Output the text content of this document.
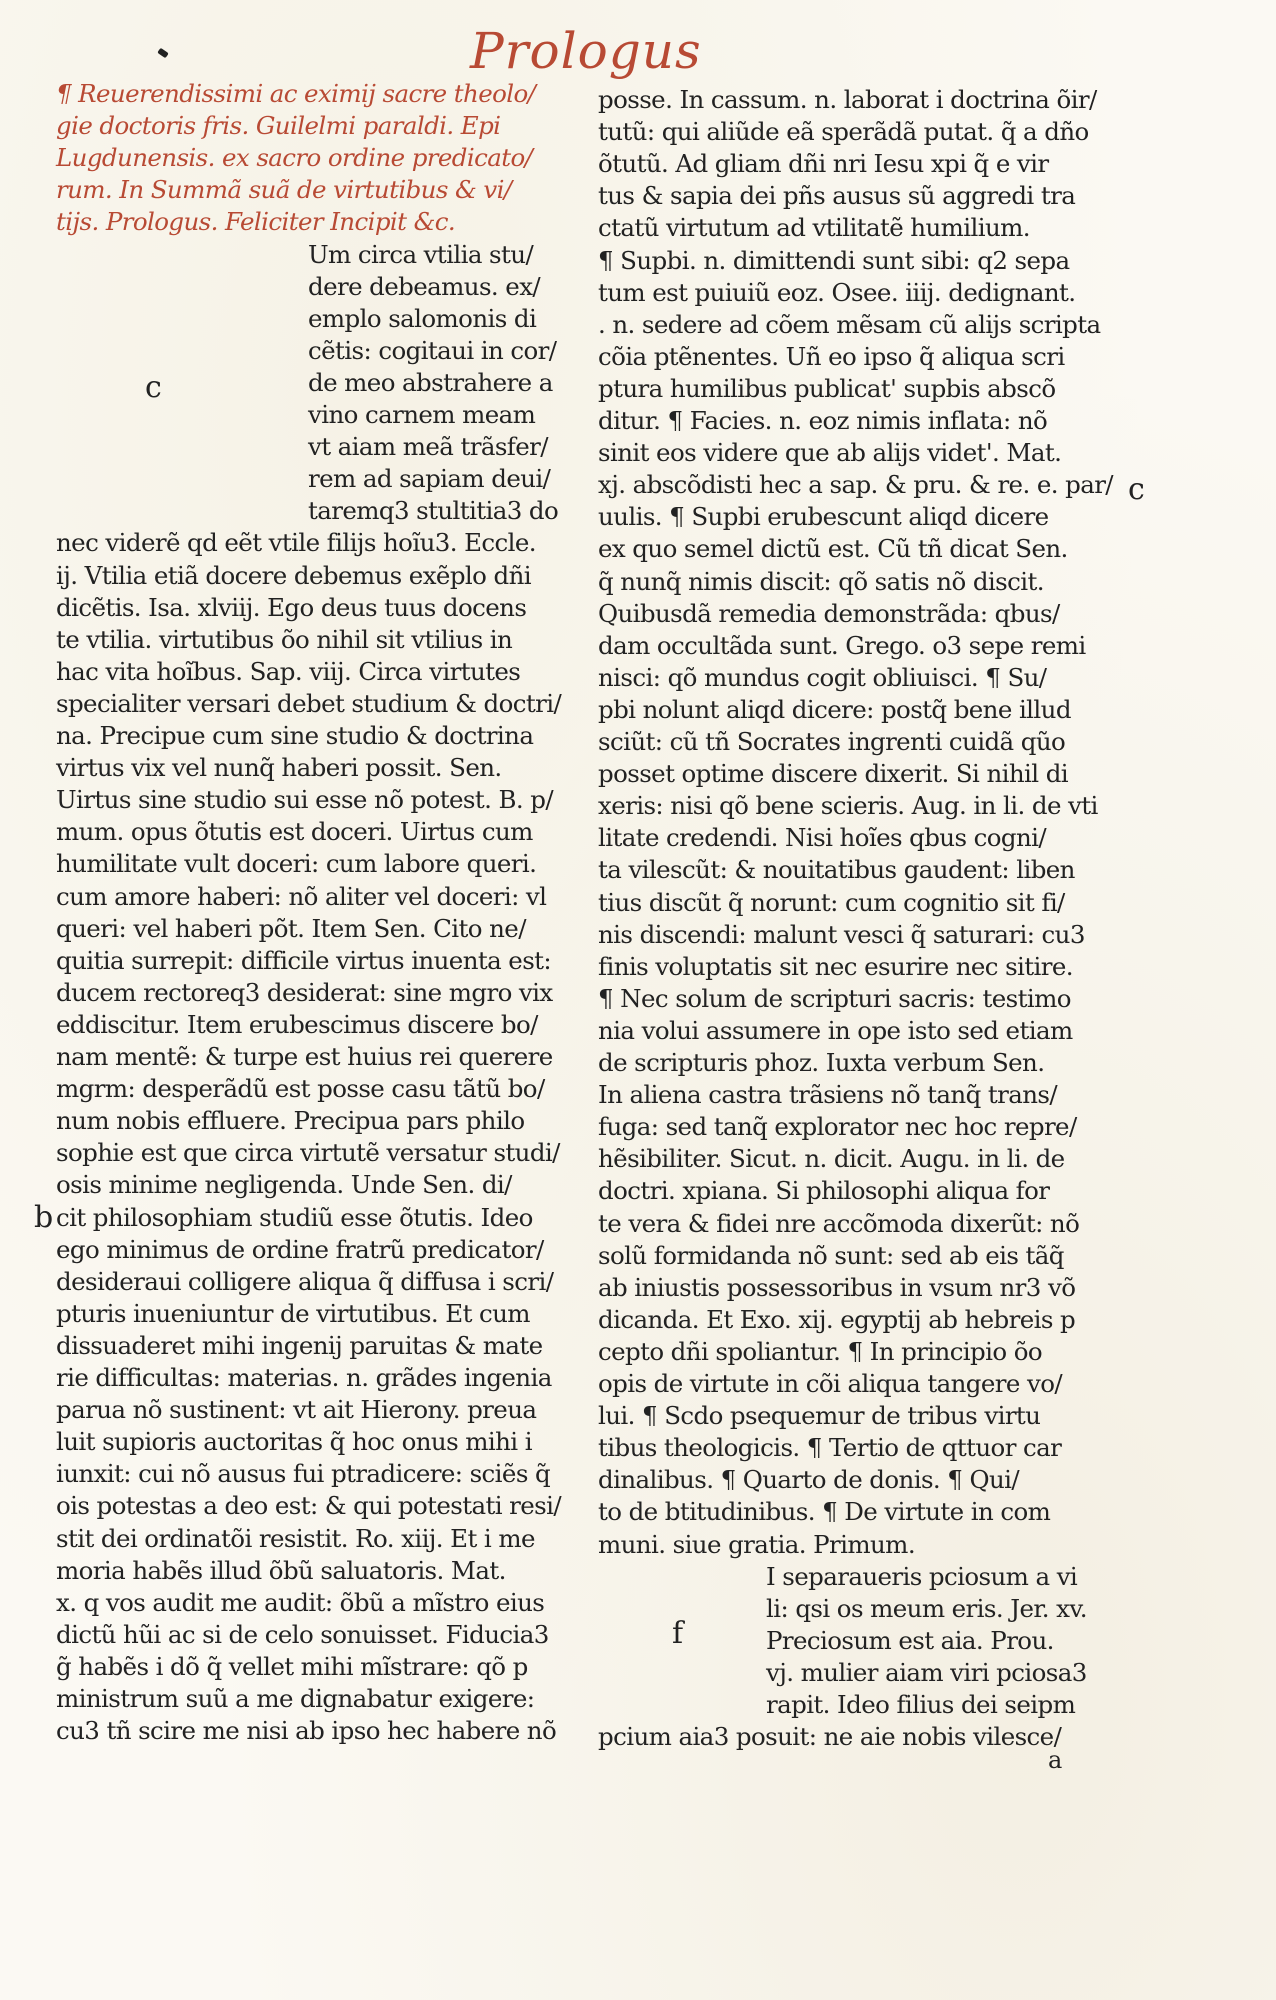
Prologus
¶ Reuerendissimi ac eximij sacre theolo/
gie doctoris fris. Guilelmi paraldi. Epi
Lugdunensis. ex sacro ordine predicato/
rum. In Summã suã de virtutibus & vi/
tijs. Prologus. Feliciter Incipit &c.
Um circa vtilia stu/
dere debeamus. ex/
emplo salomonis di
cẽtis: cogitaui in cor/
de meo abstrahere a
vino carnem meam
vt aiam meã trãsfer/
rem ad sapiam deui/
taremq3 stultitia3 do
nec viderẽ qd eẽt vtile filijs hoĩu3. Eccle.
ij. Vtilia etiã docere debemus exẽplo dñi
dicẽtis. Isa. xlviij. Ego deus tuus docens
te vtilia. virtutibus õo nihil sit vtilius in
hac vita hoĩbus. Sap. viij. Circa virtutes
specialiter versari debet studium & doctri/
na. Precipue cum sine studio & doctrina
virtus vix vel nunq̃ haberi possit. Sen.
Uirtus sine studio sui esse nõ potest. B. p/
mum. opus õtutis est doceri. Uirtus cum
humilitate vult doceri: cum labore queri.
cum amore haberi: nõ aliter vel doceri: vl
queri: vel haberi põt. Item Sen. Cito ne/
quitia surrepit: difficile virtus inuenta est:
ducem rectoreq3 desiderat: sine mgro vix
eddiscitur. Item erubescimus discere bo/
nam mentẽ: & turpe est huius rei querere
mgrm: desperãdũ est posse casu tãtũ bo/
num nobis effluere. Precipua pars philo
sophie est que circa virtutẽ versatur studi/
osis minime negligenda. Unde Sen. di/
cit philosophiam studiũ esse õtutis. Ideo
ego minimus de ordine fratrũ predicator/
desideraui colligere aliqua q̃ diffusa i scri/
pturis inueniuntur de virtutibus. Et cum
dissuaderet mihi ingenij paruitas & mate
rie difficultas: materias. n. grãdes ingenia
parua nõ sustinent: vt ait Hierony. preua
luit supioris auctoritas q̃ hoc onus mihi i
iunxit: cui nõ ausus fui ptradicere: sciẽs q̃
ois potestas a deo est: & qui potestati resi/
stit dei ordinatõi resistit. Ro. xiij. Et i me
moria habẽs illud õbũ saluatoris. Mat.
x. q vos audit me audit: õbũ a mĩstro eius
dictũ hũi ac si de celo sonuisset. Fiducia3
g̃ habẽs i dõ q̃ vellet mihi mĩstrare: qõ p
ministrum suũ a me dignabatur exigere:
cu3 tñ scire me nisi ab ipso hec habere nõ
posse. In cassum. n. laborat i doctrina õir/
tutũ: qui aliũde eã sperãdã putat. q̃ a dño
õtutũ. Ad gliam dñi nri Iesu xpi q̃ e vir
tus & sapia dei pñs ausus sũ aggredi tra
ctatũ virtutum ad vtilitatẽ humilium.
¶ Supbi. n. dimittendi sunt sibi: q2 sepa
tum est puiuiũ eoz. Osee. iiij. dedignant.
. n. sedere ad cõem mẽsam cũ alijs scripta
cõia ptẽnentes. Uñ eo ipso q̃ aliqua scri
ptura humilibus publicat' supbis abscõ
ditur. ¶ Facies. n. eoz nimis inflata: nõ
sinit eos videre que ab alijs videt'. Mat.
xj. abscõdisti hec a sap. & pru. & re. e. par/
uulis. ¶ Supbi erubescunt aliqd dicere
ex quo semel dictũ est. Cũ tñ dicat Sen.
q̃ nunq̃ nimis discit: qõ satis nõ discit.
Quibusdã remedia demonstrãda: qbus/
dam occultãda sunt. Grego. o3 sepe remi
nisci: qõ mundus cogit obliuisci. ¶ Su/
pbi nolunt aliqd dicere: postq̃ bene illud
sciũt: cũ tñ Socrates ingrenti cuidã qũo
posset optime discere dixerit. Si nihil di
xeris: nisi qõ bene scieris. Aug. in li. de vti
litate credendi. Nisi hoĩes qbus cogni/
ta vilescũt: & nouitatibus gaudent: liben
tius discũt q̃ norunt: cum cognitio sit fi/
nis discendi: malunt vesci q̃ saturari: cu3
finis voluptatis sit nec esurire nec sitire.
¶ Nec solum de scripturi sacris: testimo
nia volui assumere in ope isto sed etiam
de scripturis phoz. Iuxta verbum Sen.
In aliena castra trãsiens nõ tanq̃ trans/
fuga: sed tanq̃ explorator nec hoc repre/
hẽsibiliter. Sicut. n. dicit. Augu. in li. de
doctri. xpiana. Si philosophi aliqua for
te vera & fidei nre accõmoda dixerũt: nõ
solũ formidanda nõ sunt: sed ab eis tãq̃
ab iniustis possessoribus in vsum nr3 võ
dicanda. Et Exo. xij. egyptij ab hebreis p
cepto dñi spoliantur. ¶ In principio õo
opis de virtute in cõi aliqua tangere vo/
lui. ¶ Scdo psequemur de tribus virtu
tibus theologicis. ¶ Tertio de qttuor car
dinalibus. ¶ Quarto de donis. ¶ Qui/
to de btitudinibus. ¶ De virtute in com
muni. siue gratia. Primum.
I separaueris pciosum a vi
li: qsi os meum eris. Jer. xv.
Preciosum est aia. Prou.
vj. mulier aiam viri pciosa3
rapit. Ideo filius dei seipm
pcium aia3 posuit: ne aie nobis vilesce/
c
b
c
f
a
